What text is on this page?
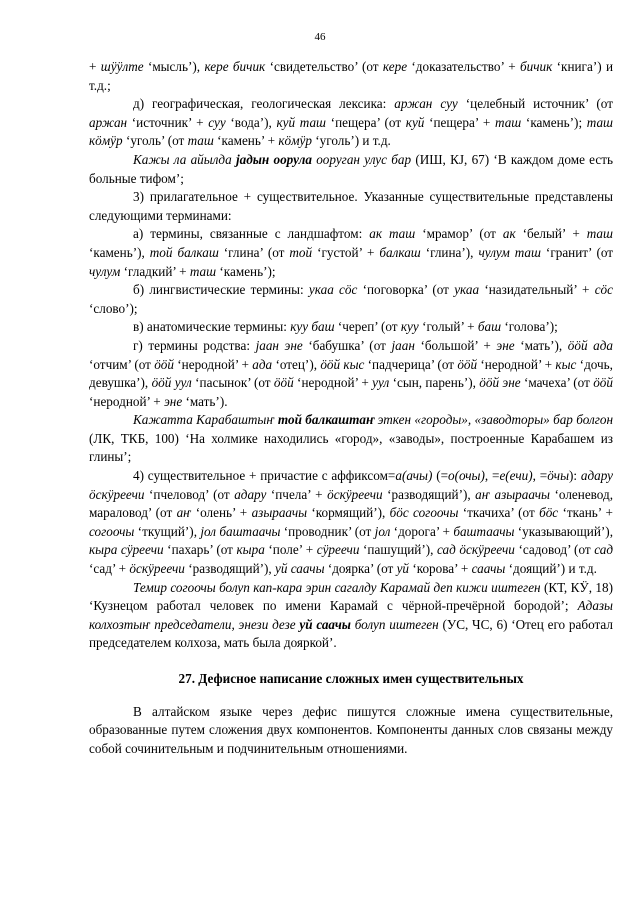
46

+ шӱӱлте ‘мысль’), кере бичик ‘свидетельство’ (от кере ‘доказательство’ + бичик ‘книга’) и т.д.;

д) географическая, геологическая лексика: аржан суу ‘целебный источник’ (от аржан ‘источник’ + суу ‘вода’), куй таш ‘пещера’ (от куй ‘пещера’ + таш ‘камень’); таш кӧмӱр ‘уголь’ (от таш ‘камень’ + кӧмӱр ‘уголь’) и т.д.

Кажы ла айылда јадын оорула ооруган улус бар (ИШ, КЈ, 67) ‘В каждом доме есть больные тифом’;

3) прилагательное + существительное. Указанные существительные представлены следующими терминами:

а) термины, связанные с ландшафтом: ак таш ‘мрамор’ (от ак ‘белый’ + таш ‘камень’), той балкаш ‘глина’ (от той ‘густой’ + балкаш ‘глина’), чулум таш ‘гранит’ (от чулум ‘гладкий’ + таш ‘камень’);

б) лингвистические термины: укаа сӧс ‘поговорка’ (от укаа ‘назидательный’ + сӧс ‘слово’);

в) анатомические термины: куу баш ‘череп’ (от куу ‘голый’ + баш ‘голова’);

г) термины родства: јаан эне ‘бабушка’ (от јаан ‘большой’ + эне ‘мать’), ӧӧй ада ‘отчим’ (от ӧӧй ‘неродной’ + ада ‘отец’), ӧӧй кыс ‘падчерица’ (от ӧӧй ‘неродной’ + кыс ‘дочь, девушка’), ӧӧй уул ‘пасынок’ (от ӧӧй ‘неродной’ + уул ‘сын, парень’), ӧӧй эне ‘мачеха’ (от ӧӧй ‘неродной’ + эне ‘мать’).

Кажатта Карабаштыҥ той балкаштаҥ эткен «городы», «заводторы» бар болгон (ЛК, ТКБ, 100) ‘На холмике находились «город», «заводы», построенные Карабашем из глины’;

4) существительное + причастие с аффиксом=а(ачы) (=о(очы), =е(ечи), =ӧчы): адару ӧскӱреечи ‘пчеловод’ (от адару ‘пчела’ + ӧскӱреечи ‘разводящий’), аҥ азыраачы ‘оленевод, мараловод’ (от аҥ ‘олень’ + азыраачы ‘кормящий’), бӧс согоочы ‘ткачиха’ (от бӧс ‘ткань’ + согоочы ‘ткущий’), јол баштаачы ‘проводник’ (от јол ‘дорога’ + баштаачы ‘указывающий’), кыра сӱреечи ‘пахарь’ (от кыра ‘поле’ + сӱреечи ‘пашущий’), сад ӧскӱреечи ‘садовод’ (от сад ‘сад’ + ӧскӱреечи ‘разводящий’), уй саачы ‘доярка’ (от уй ‘корова’ + саачы ‘доящий’) и т.д.

Темир согоочы болуп кап-кара эрин сагалду Карамай деп кижи иштеген (КТ, КӰ, 18) ‘Кузнецом работал человек по имени Карамай с чёрной-пречёрной бородой’; Адазы колхозтыҥ председатели, энези дезе уй саачы болуп иштеген (УС, ЧС, 6) ‘Отец его работал председателем колхоза, мать была дояркой’.

27. Дефисное написание сложных имен существительных

В алтайском языке через дефис пишутся сложные имена существительные, образованные путем сложения двух компонентов. Компоненты данных слов связаны между собой сочинительным и подчинительным отношениями.
